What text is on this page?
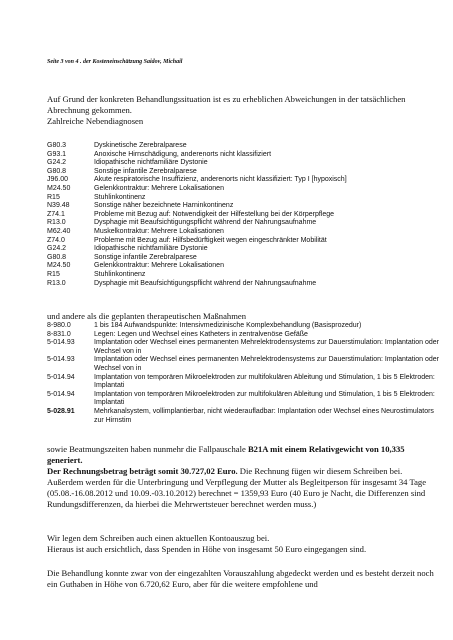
Seite 3 von 4 . der Kosteneinschätzung Saidov, Michail

Auf Grund der konkreten Behandlungssituation ist es zu erheblichen Abweichungen in der tatsächlichen Abrechnung gekommen.

Zahlreiche Nebendiagnosen

G80.3	Dyskinetische Zerebralparese
G93.1	Anoxische Hirnschädigung, anderenorts nicht klassifiziert
G24.2	Idiopathische nichtfamiliäre Dystonie
G80.8	Sonstige infantile Zerebralparese
J96.00	Akute respiratorische Insuffizienz, anderenorts nicht klassifiziert: Typ I [hypoxisch]
M24.50	Gelenkkontraktur: Mehrere Lokalisationen
R15	Stuhlinkontinenz
N39.48	Sonstige näher bezeichnete Harninkontinenz
Z74.1	Probleme mit Bezug auf: Notwendigkeit der Hilfestellung bei der Körperpflege
R13.0	Dysphagie mit Beaufsichtigungspflicht während der Nahrungsaufnahme
M62.40	Muskelkontraktur: Mehrere Lokalisationen
Z74.0	Probleme mit Bezug auf: Hilfsbedürftigkeit wegen eingeschränkter Mobilität
G24.2	Idiopathische nichtfamiliäre Dystonie
G80.8	Sonstige infantile Zerebralparese
M24.50	Gelenkkontraktur: Mehrere Lokalisationen
R15	Stuhlinkontinenz
R13.0	Dysphagie mit Beaufsichtigungspflicht während der Nahrungsaufnahme
und andere als die geplanten therapeutischen Maßnahmen
8-980.0	1 bis 184 Aufwandspunkte: Intensivmedizinische Komplexbehandlung (Basisprozedur)
8-831.0	Legen: Legen und Wechsel eines Katheters in zentralvenöse Gefäße
5-014.93	Implantation oder Wechsel eines permanenten Mehrelektrodensystems zur Dauerstimulation: Implantation oder Wechsel von in
5-014.93	Implantation oder Wechsel eines permanenten Mehrelektrodensystems zur Dauerstimulation: Implantation oder Wechsel von in
5-014.94	Implantation von temporären Mikroelektroden zur multifokulären Ableitung und Stimulation, 1 bis 5 Elektroden: Implantati
5-014.94	Implantation von temporären Mikroelektroden zur multifokulären Ableitung und Stimulation, 1 bis 5 Elektroden: Implantati
5-028.91	Mehrkanalsystem, vollimplantierbar, nicht wiederaufladbar: Implantation oder Wechsel eines Neurostimulators zur Hirnstim
sowie Beatmungszeiten haben nunmehr die Fallpauschale B21A mit einem Relativgewicht von 10,335 generiert.
Der Rechnungsbetrag beträgt somit 30.727,02 Euro. Die Rechnung fügen wir diesem Schreiben bei. Außerdem werden für die Unterbringung und Verpflegung der Mutter als Begleitperson für insgesamt 34 Tage (05.08.-16.08.2012 und 10.09.-03.10.2012) berechnet = 1359,93 Euro (40 Euro je Nacht, die Differenzen sind Rundungsdifferenzen, da hierbei die Mehrwertsteuer berechnet werden muss.)

Wir legen dem Schreiben auch einen aktuellen Kontoauszug bei.

Hieraus ist auch ersichtlich, dass Spenden in Höhe von insgesamt 50 Euro eingegangen sind.

Die Behandlung konnte zwar von der eingezahlten Vorauszahlung abgedeckt werden und es besteht derzeit noch ein Guthaben in Höhe von 6.720,62 Euro, aber für die weitere empfohlene und
